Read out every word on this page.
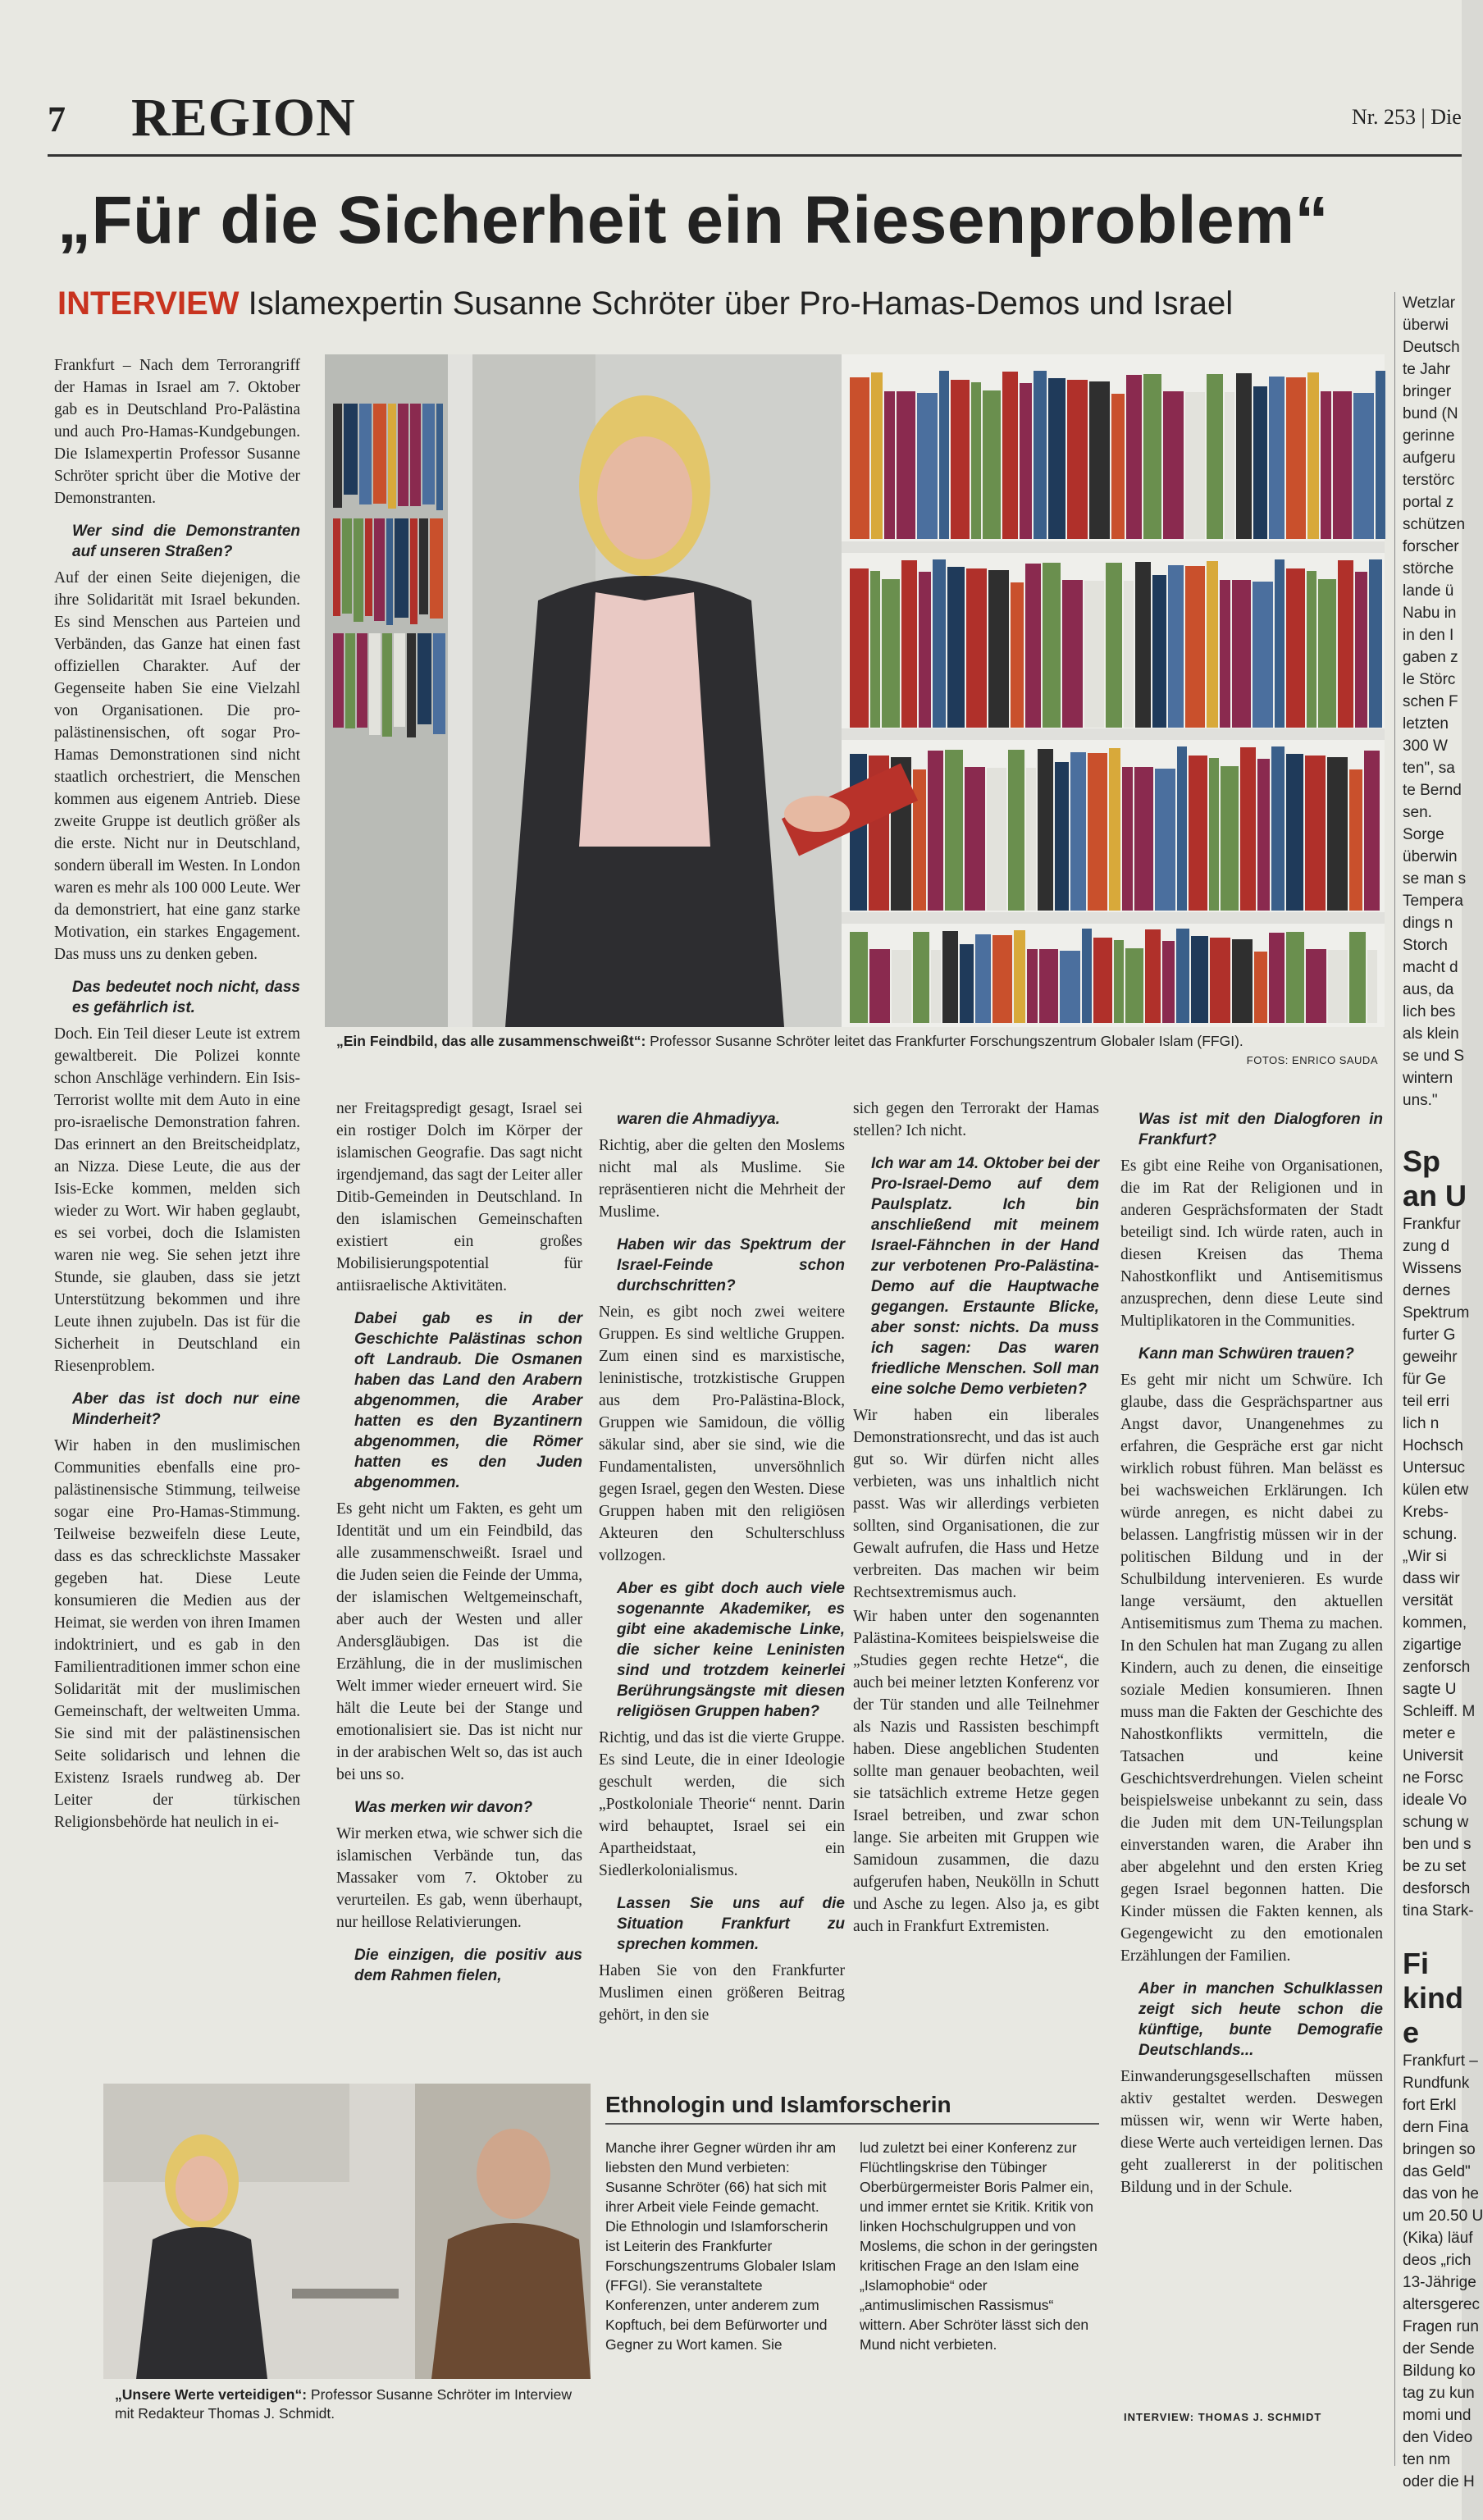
7 REGION	Nr. 253 | Die
„Für die Sicherheit ein Riesenproblem“
INTERVIEW Islamexpertin Susanne Schröter über Pro-Hamas-Demos und Israel
Frankfurt – Nach dem Terrorangriff der Hamas in Israel am 7. Oktober gab es in Deutschland Pro-Palästina und auch Pro-Hamas-Kundgebungen. Die Islamexpertin Professor Susanne Schröter spricht über die Motive der Demonstranten.
Wer sind die Demonstranten auf unseren Straßen?
Auf der einen Seite diejenigen, die ihre Solidarität mit Israel bekunden. Es sind Menschen aus Parteien und Verbänden, das Ganze hat einen fast offiziellen Charakter. Auf der Gegenseite haben Sie eine Vielzahl von Organisationen. Die pro-palästinensischen, oft sogar Pro-Hamas Demonstrationen sind nicht staatlich orchestriert, die Menschen kommen aus eigenem Antrieb. Diese zweite Gruppe ist deutlich größer als die erste. Nicht nur in Deutschland, sondern überall im Westen. In London waren es mehr als 100 000 Leute. Wer da demonstriert, hat eine ganz starke Motivation, ein starkes Engagement. Das muss uns zu denken geben.
Das bedeutet noch nicht, dass es gefährlich ist.
Doch. Ein Teil dieser Leute ist extrem gewaltbereit. Die Polizei konnte schon Anschläge verhindern. Ein Isis-Terrorist wollte mit dem Auto in eine pro-israelische Demonstration fahren. Das erinnert an den Breitscheidplatz, an Nizza. Diese Leute, die aus der Isis-Ecke kommen, melden sich wieder zu Wort. Wir haben geglaubt, es sei vorbei, doch die Islamisten waren nie weg. Sie sehen jetzt ihre Stunde, sie glauben, dass sie jetzt Unterstützung bekommen und ihre Leute ihnen zujubeln. Das ist für die Sicherheit in Deutschland ein Riesenproblem.
Aber das ist doch nur eine Minderheit?
Wir haben in den muslimischen Communities ebenfalls eine pro-palästinensische Stimmung, teilweise sogar eine Pro-Hamas-Stimmung. Teilweise bezweifeln diese Leute, dass es das schrecklichste Massaker gegeben hat. Diese Leute konsumieren die Medien aus der Heimat, sie werden von ihren Imamen indoktriniert, und es gab in den Familientraditionen immer schon eine Solidarität mit der muslimischen Gemeinschaft, der weltweiten Umma. Sie sind mit der palästinensischen Seite solidarisch und lehnen die Existenz Israels rundweg ab. Der Leiter der türkischen Religionsbehörde hat neulich in ei-
„Ein Feindbild, das alle zusammenschweißt“: Professor Susanne Schröter leitet das Frankfurter Forschungszentrum Globaler Islam (FFGI).
FOTOS: ENRICO SAUDA
ner Freitagspredigt gesagt, Israel sei ein rostiger Dolch im Körper der islamischen Geografie. Das sagt nicht irgendjemand, das sagt der Leiter aller Ditib-Gemeinden in Deutschland. In den islamischen Gemeinschaften existiert ein großes Mobilisierungspotential für antiisraelische Aktivitäten.
Dabei gab es in der Geschichte Palästinas schon oft Landraub. Die Osmanen haben das Land den Arabern abgenommen, die Araber hatten es den Byzantinern abgenommen, die Römer hatten es den Juden abgenommen.
Es geht nicht um Fakten, es geht um Identität und um ein Feindbild, das alle zusammenschweißt. Israel und die Juden seien die Feinde der Umma, der islamischen Weltgemeinschaft, aber auch der Westen und aller Andersgläubigen. Das ist die Erzählung, die in der muslimischen Welt immer wieder erneuert wird. Sie hält die Leute bei der Stange und emotionalisiert sie. Das ist nicht nur in der arabischen Welt so, das ist auch bei uns so.
Was merken wir davon?
Wir merken etwa, wie schwer sich die islamischen Verbände tun, das Massaker vom 7. Oktober zu verurteilen. Es gab, wenn überhaupt, nur heillose Relativierungen.
Die einzigen, die positiv aus dem Rahmen fielen,
waren die Ahmadiyya.
Richtig, aber die gelten den Moslems nicht mal als Muslime. Sie repräsentieren nicht die Mehrheit der Muslime.
Haben wir das Spektrum der Israel-Feinde schon durchschritten?
Nein, es gibt noch zwei weitere Gruppen. Es sind weltliche Gruppen. Zum einen sind es marxistische, leninistische, trotzkistische Gruppen aus dem Pro-Palästina-Block, Gruppen wie Samidoun, die völlig säkular sind, aber sie sind, wie die Fundamentalisten, unversöhnlich gegen Israel, gegen den Westen. Diese Gruppen haben mit den religiösen Akteuren den Schulterschluss vollzogen.
Aber es gibt doch auch viele sogenannte Akademiker, es gibt eine akademische Linke, die sicher keine Leninisten sind und trotzdem keinerlei Berührungsängste mit diesen religiösen Gruppen haben?
Richtig, und das ist die vierte Gruppe. Es sind Leute, die in einer Ideologie geschult werden, die sich „Postkoloniale Theorie“ nennt. Darin wird behauptet, Israel sei ein Apartheidstaat, ein Siedlerkolonialismus.
Lassen Sie uns auf die Situation Frankfurt zu sprechen kommen.
Haben Sie von den Frankfurter Muslimen einen größeren Beitrag gehört, in den sie
sich gegen den Terrorakt der Hamas stellen? Ich nicht.
Ich war am 14. Oktober bei der Pro-Israel-Demo auf dem Paulsplatz. Ich bin anschließend mit meinem Israel-Fähnchen in der Hand zur verbotenen Pro-Palästina-Demo auf die Hauptwache gegangen. Erstaunte Blicke, aber sonst: nichts. Da muss ich sagen: Das waren friedliche Menschen. Soll man eine solche Demo verbieten?
Wir haben ein liberales Demonstrationsrecht, und das ist auch gut so. Wir dürfen nicht alles verbieten, was uns inhaltlich nicht passt. Was wir allerdings verbieten sollten, sind Organisationen, die zur Gewalt aufrufen, die Hass und Hetze verbreiten. Das machen wir beim Rechtsextremismus auch.
Wir haben unter den sogenannten Palästina-Komitees beispielsweise die „Studies gegen rechte Hetze“, die auch bei meiner letzten Konferenz vor der Tür standen und alle Teilnehmer als Nazis und Rassisten beschimpft haben. Diese angeblichen Studenten sollte man genauer beobachten, weil sie tatsächlich extreme Hetze gegen Israel betreiben, und zwar schon lange. Sie arbeiten mit Gruppen wie Samidoun zusammen, die dazu aufgerufen haben, Neukölln in Schutt und Asche zu legen. Also ja, es gibt auch in Frankfurt Extremisten.
Was ist mit den Dialogforen in Frankfurt?
Es gibt eine Reihe von Organisationen, die im Rat der Religionen und in anderen Gesprächsformaten der Stadt beteiligt sind. Ich würde raten, auch in diesen Kreisen das Thema Nahostkonflikt und Antisemitismus anzusprechen, denn diese Leute sind Multiplikatoren in the Communities.
Kann man Schwüren trauen?
Es geht mir nicht um Schwüre. Ich glaube, dass die Gesprächspartner aus Angst davor, Unangenehmes zu erfahren, die Gespräche erst gar nicht wirklich robust führen. Man belässt es bei wachsweichen Erklärungen. Ich würde anregen, es nicht dabei zu belassen. Langfristig müssen wir in der politischen Bildung und in der Schulbildung intervenieren. Es wurde lange versäumt, den aktuellen Antisemitismus zum Thema zu machen. In den Schulen hat man Zugang zu allen Kindern, auch zu denen, die einseitige soziale Medien konsumieren. Ihnen muss man die Fakten der Geschichte des Nahostkonflikts vermitteln, die Tatsachen und keine Geschichtsverdrehungen. Vielen scheint beispielsweise unbekannt zu sein, dass die Juden mit dem UN-Teilungsplan einverstanden waren, die Araber ihn aber abgelehnt und den ersten Krieg gegen Israel begonnen hatten. Die Kinder müssen die Fakten kennen, als Gegengewicht zu den emotionalen Erzählungen der Familien.
Aber in manchen Schulklassen zeigt sich heute schon die künftige, bunte Demografie Deutschlands...
Einwanderungsgesellschaften müssen aktiv gestaltet werden. Deswegen müssen wir, wenn wir Werte haben, diese Werte auch verteidigen lernen. Das geht zuallererst in der politischen Bildung und in der Schule.
„Unsere Werte verteidigen“: Professor Susanne Schröter im Interview mit Redakteur Thomas J. Schmidt.
Ethnologin und Islamforscherin
Manche ihrer Gegner würden ihr am liebsten den Mund verbieten: Susanne Schröter (66) hat sich mit ihrer Arbeit viele Feinde gemacht. Die Ethnologin und Islamforscherin ist Leiterin des Frankfurter Forschungszentrums Globaler Islam (FFGI). Sie veranstaltete Konferenzen, unter anderem zum Kopftuch, bei dem Befürworter und Gegner zu Wort kamen. Sie
lud zuletzt bei einer Konferenz zur Flüchtlingskrise den Tübinger Oberbürgermeister Boris Palmer ein, und immer erntet sie Kritik. Kritik von linken Hochschulgruppen und von Moslems, die schon in der geringsten kritischen Frage an den Islam eine „Islamophobie“ oder „antimuslimischen Rassismus“ wittern. Aber Schröter lässt sich den Mund nicht verbieten.
INTERVIEW: THOMAS J. SCHMIDT
Wetzlar
überwi
Deutsch
te Jahr
bringer
bund (N
gerinne
aufgeru
terstörc
portal z
schützen
forscher
störche
lande ü
Nabu in
in den I
gaben z
le Störc
schen F
letzten
300 W
ten", sa
te Bernd
sen.
Sorge
überwin
se man s
Tempera
dings n
Storch
macht d
aus, da
lich bes
als klein
se und S
wintern
uns."
Sp
an U
Frankfur
zung d
Wissens
dernes
Spektrum
furter G
geweihr
für Ge
teil erri
lich n
Hochsch
Untersuc
külen etw
Krebs-
schung.
„Wir si
dass wir
versität
kommen,
zigartige
zenforsch
sagte U
Schleiff. M
meter e
Universit
ne Forsc
ideale Vo
schung w
ben und s
be zu set
desforsch
tina Stark-
Fi
kind
e
Frankfurt –
Rundfunk
fort Erkl
dern Fina
bringen so
das Geld"
das von he
um 20.50 U
(Kika) läuf
deos „rich
13-Jährige
altersgerec
Fragen run
der Sende
Bildung ko
tag zu kun
momi und
den Video
ten nm
oder die H
